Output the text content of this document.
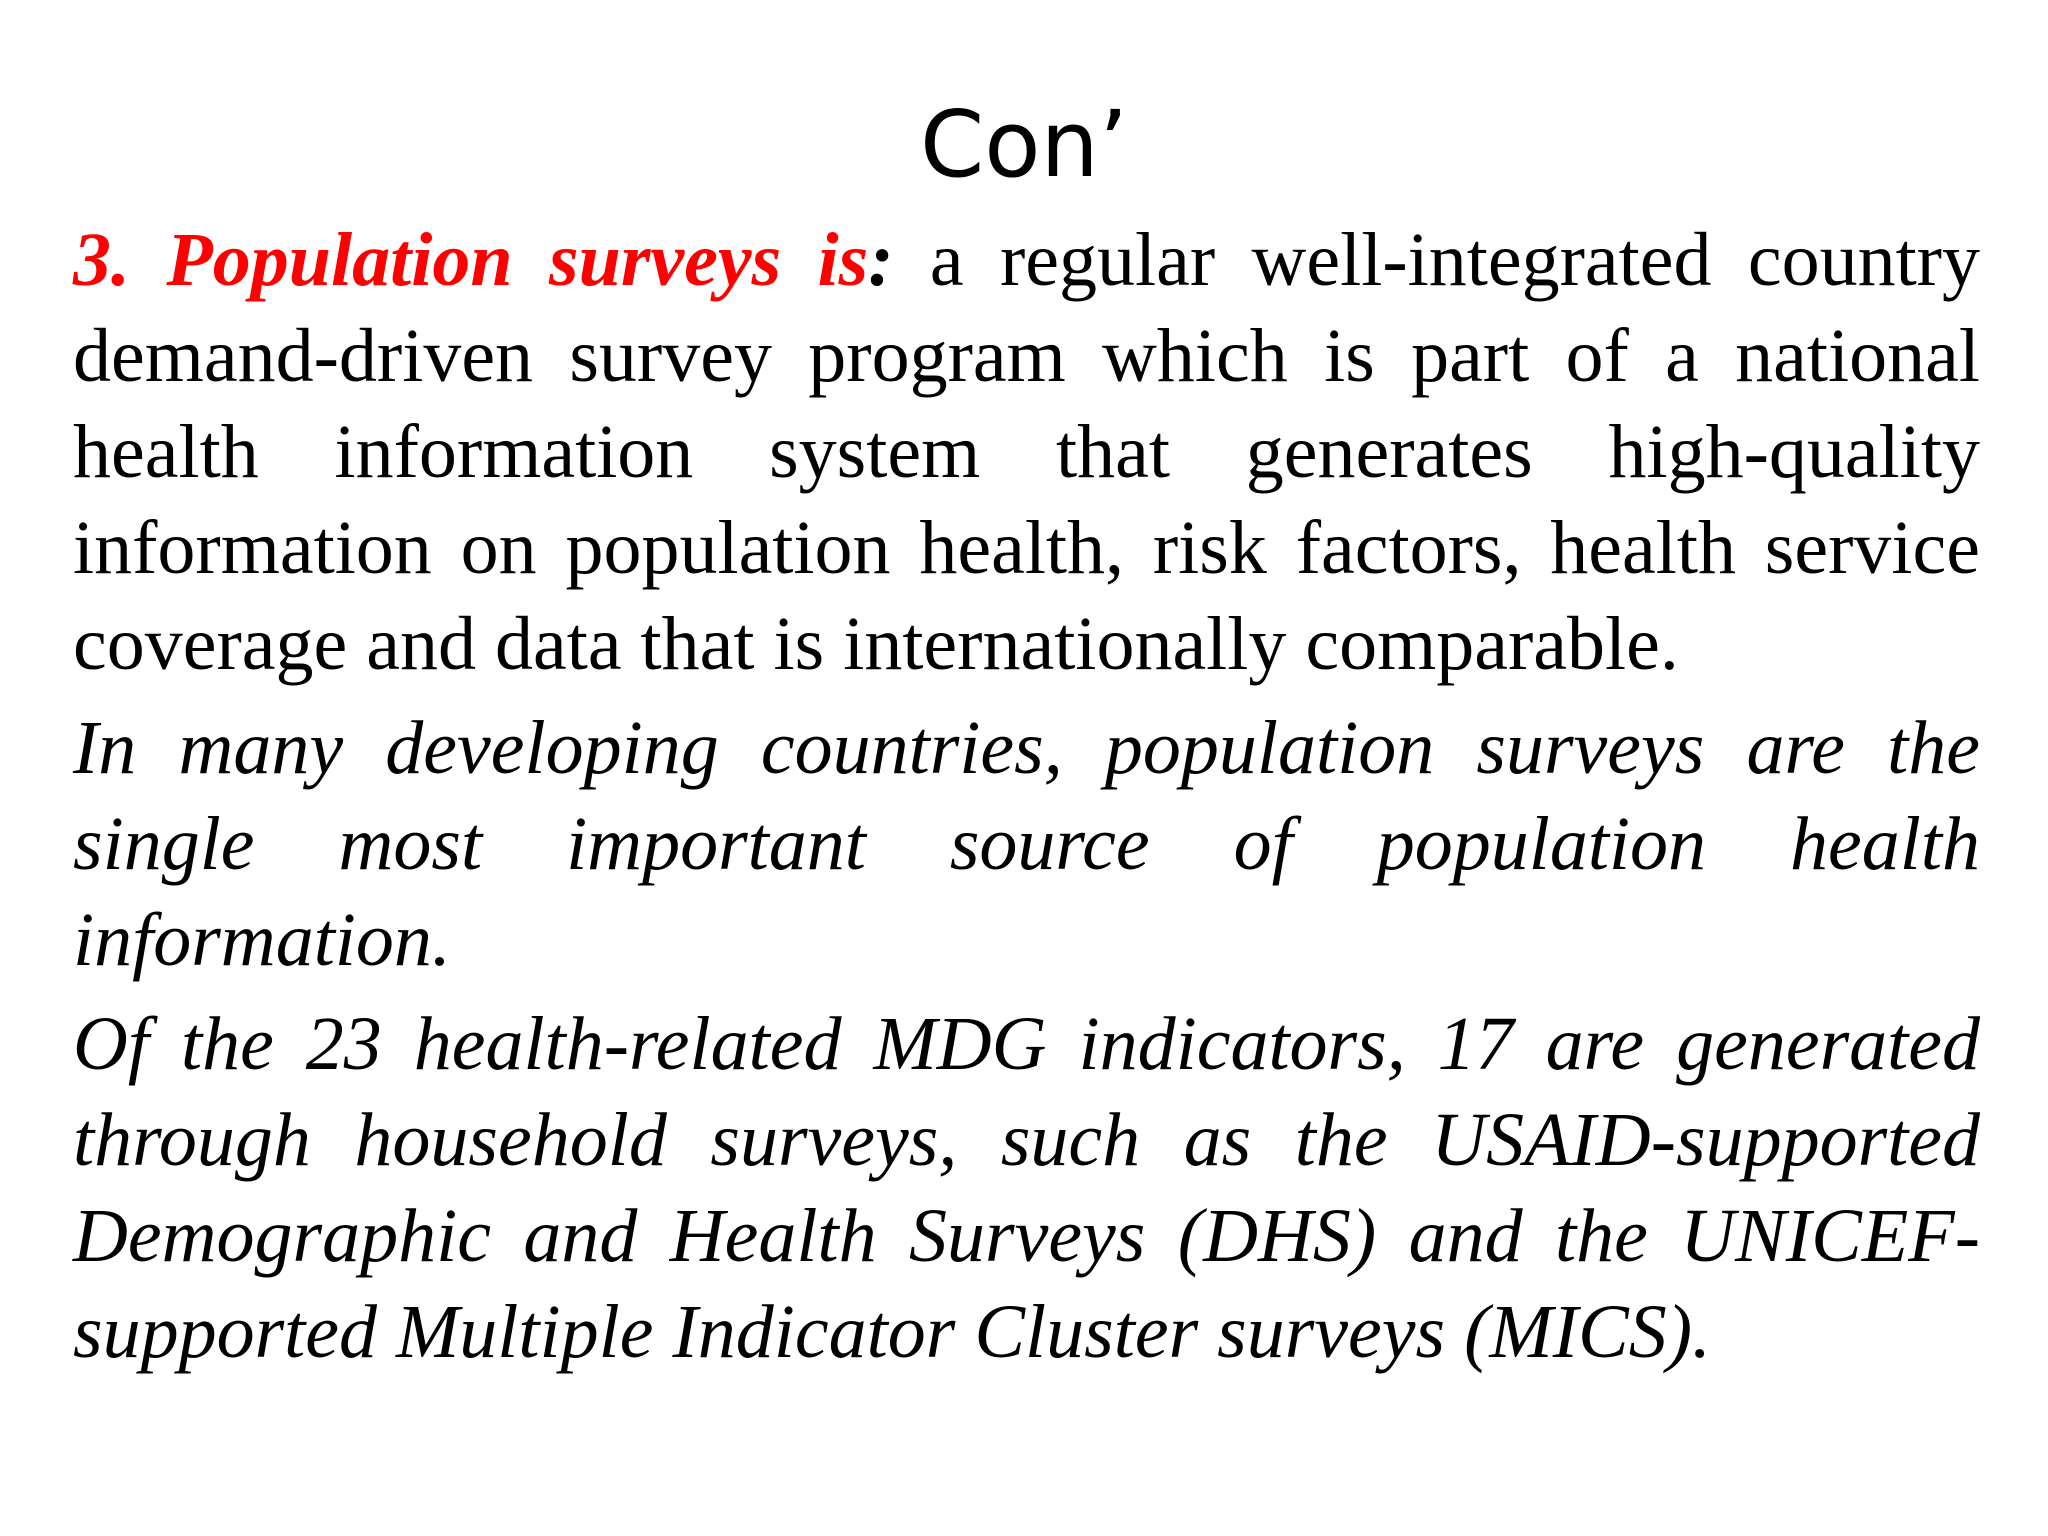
Con’

3. Population surveys is: a regular well-integrated country demand-driven survey program which is part of a national health information system that generates high-quality information on population health, risk factors, health service coverage and data that is internationally comparable.

In many developing countries, population surveys are the single most important source of population health information.

Of the 23 health-related MDG indicators, 17 are generated through household surveys, such as the USAID-supported Demographic and Health Surveys (DHS) and the UNICEF-supported Multiple Indicator Cluster surveys (MICS).
